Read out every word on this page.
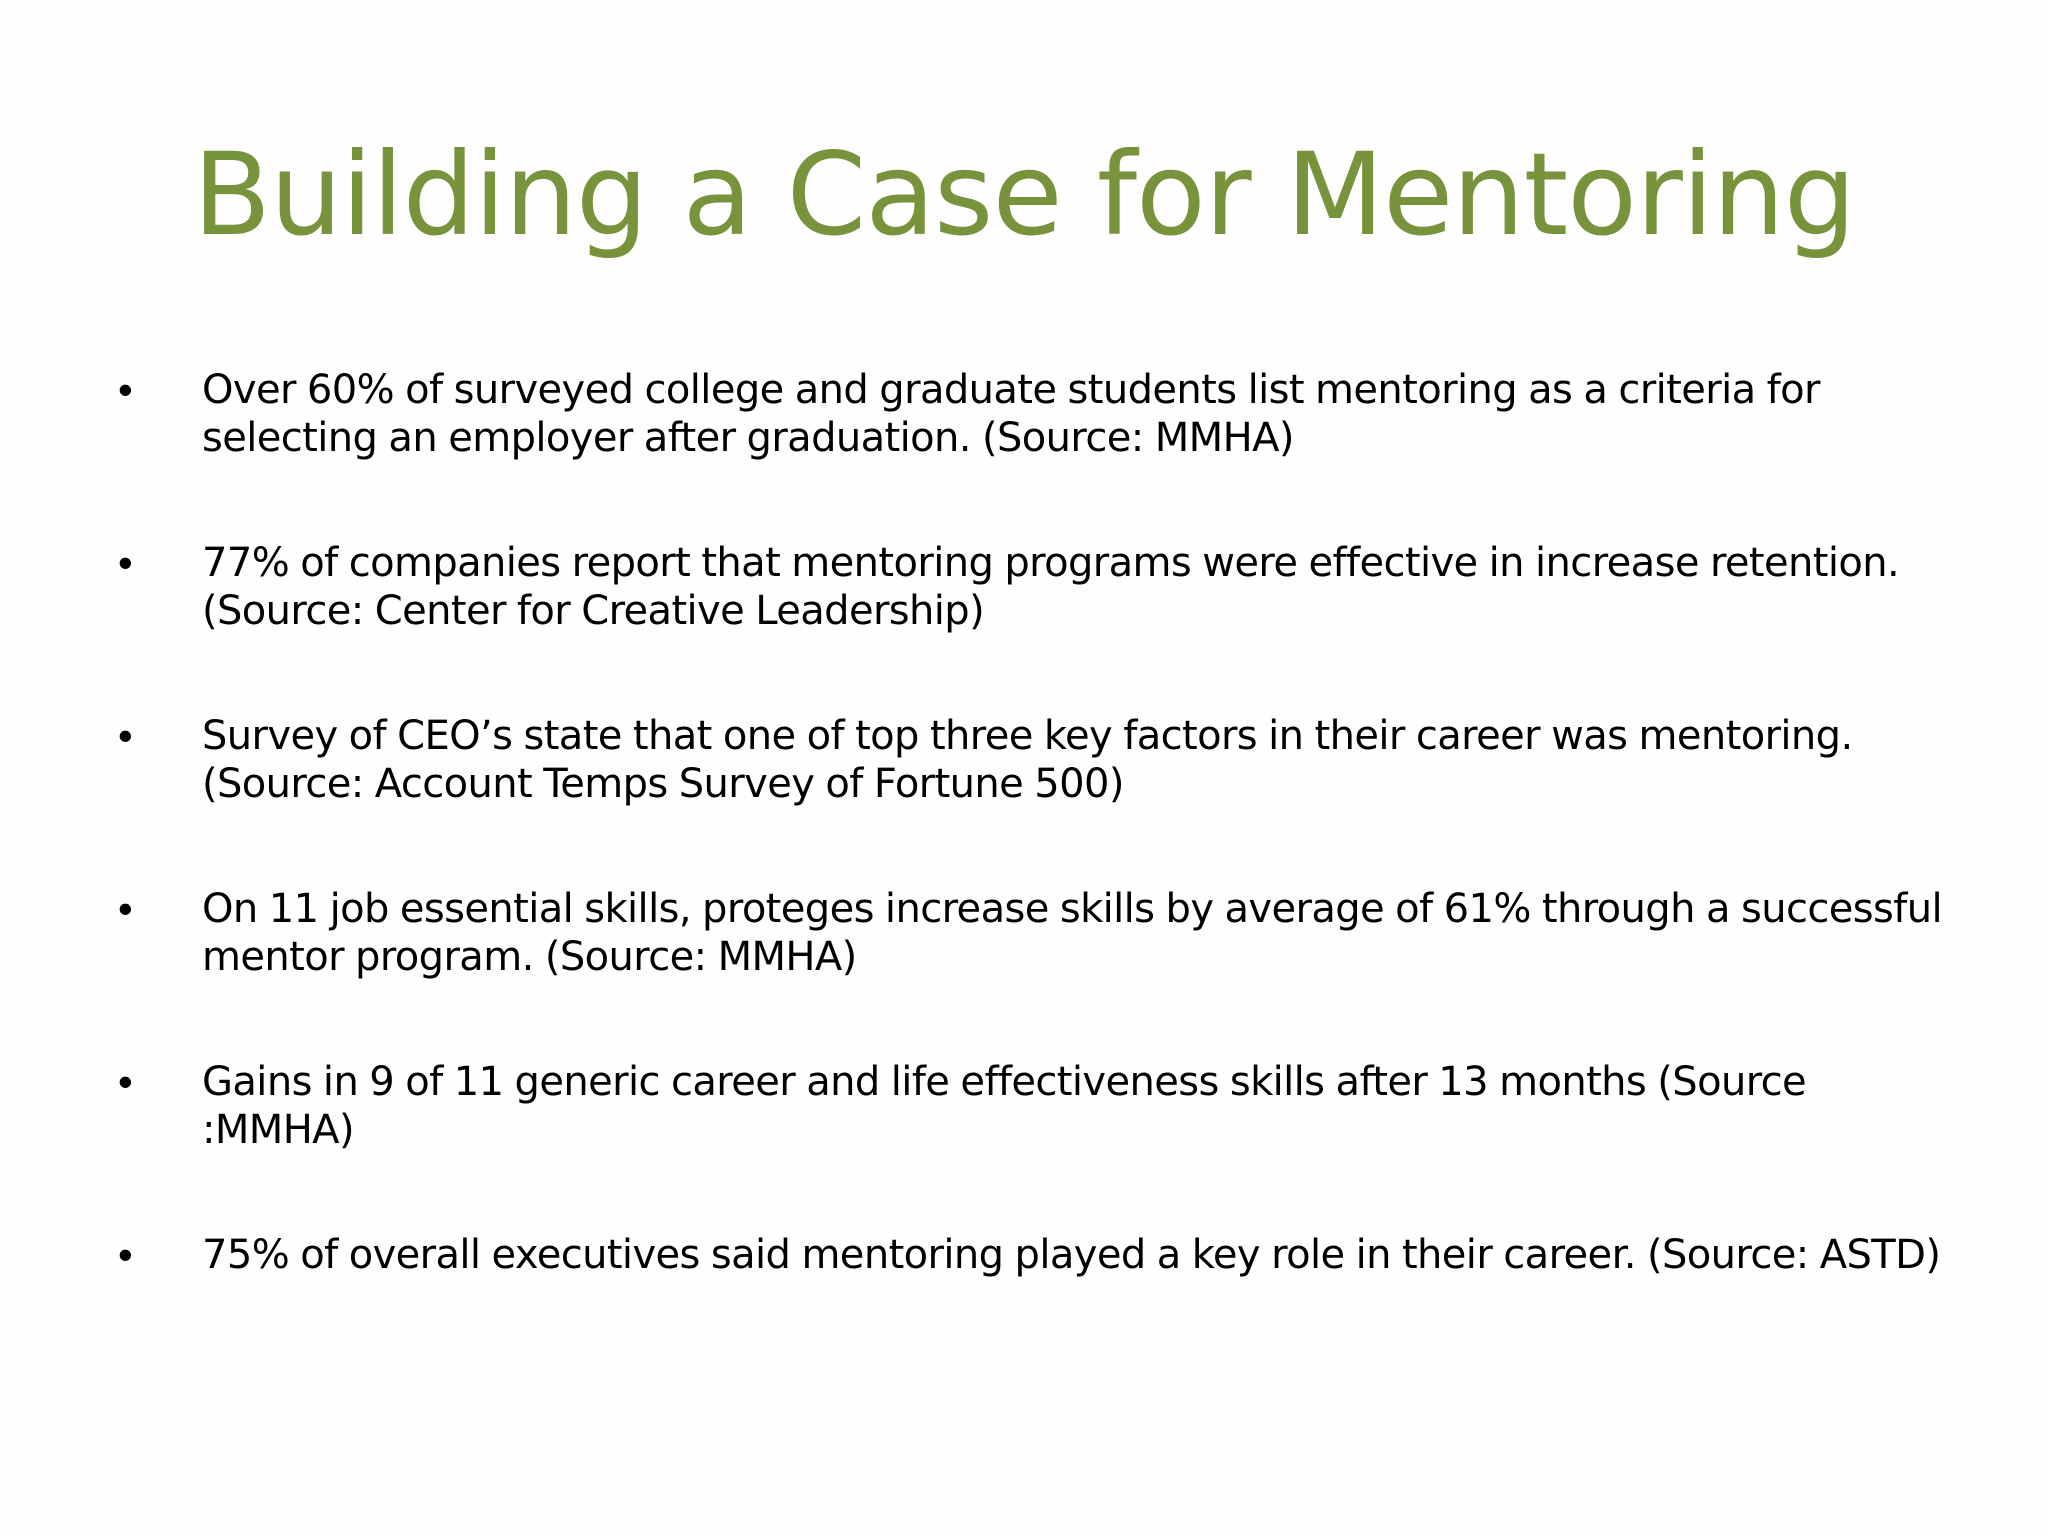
Building a Case for Mentoring
•	Over 60% of surveyed college and graduate students list mentoring as a criteria for selecting an employer after graduation. (Source: MMHA)
•	77% of companies report that mentoring programs were effective in increase retention. (Source: Center for Creative Leadership)
•	Survey of CEO’s state that one of top three key factors in their career was mentoring.(Source: Account Temps Survey of Fortune 500)
•	On 11 job essential skills, proteges increase skills by average of 61% through a successful mentor program. (Source: MMHA)
•	Gains in 9 of 11 generic career and life effectiveness skills after 13 months (Source :MMHA)
•	75% of overall executives said mentoring played a key role in their career. (Source: ASTD)
